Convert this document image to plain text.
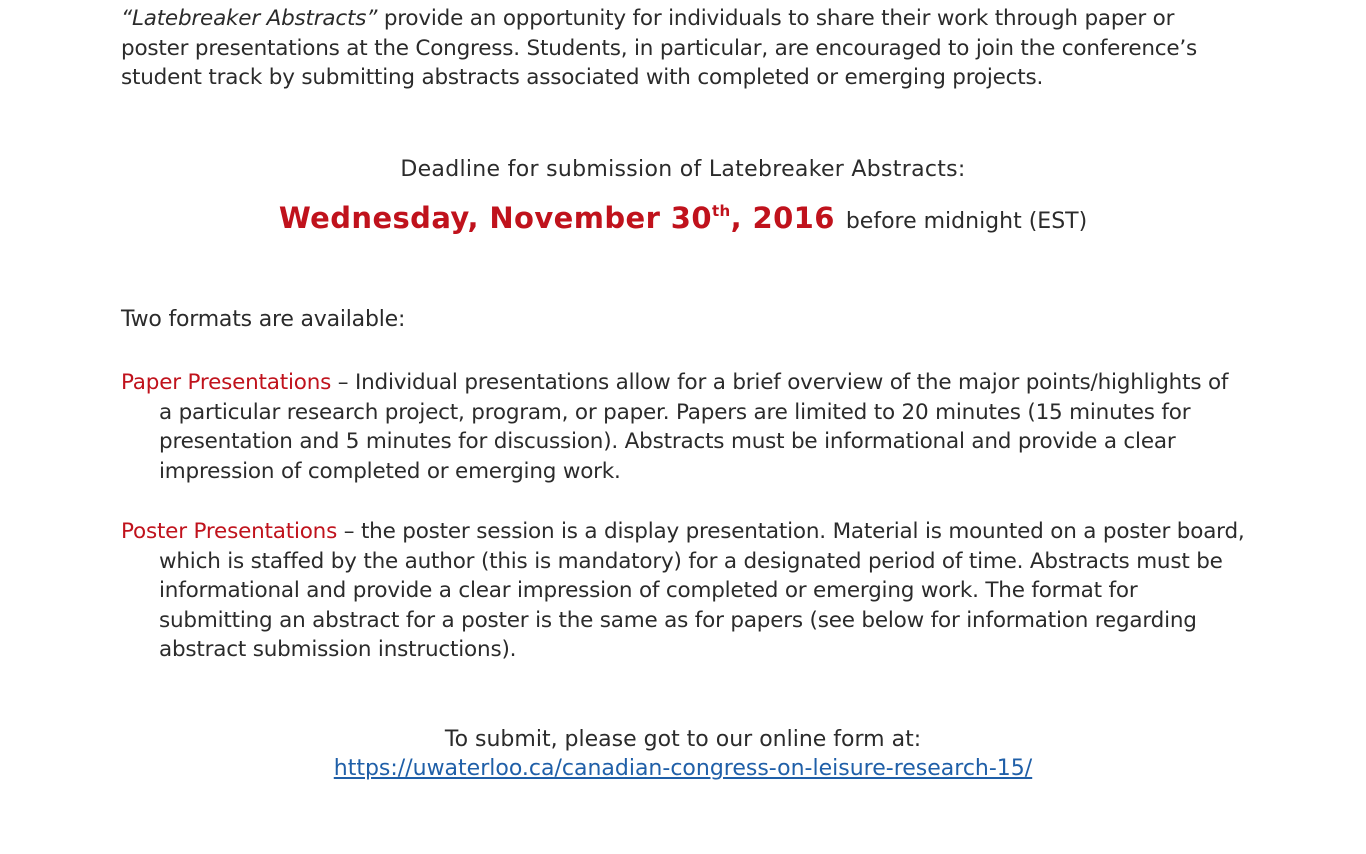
“Latebreaker Abstracts” provide an opportunity for individuals to share their work through paper or poster presentations at the Congress. Students, in particular, are encouraged to join the conference’s student track by submitting abstracts associated with completed or emerging projects.

Deadline for submission of Latebreaker Abstracts:
Wednesday, November 30th, 2016 before midnight (EST)
Two formats are available:

Paper Presentations – Individual presentations allow for a brief overview of the major points/highlights of a particular research project, program, or paper. Papers are limited to 20 minutes (15 minutes for presentation and 5 minutes for discussion). Abstracts must be informational and provide a clear impression of completed or emerging work.

Poster Presentations – the poster session is a display presentation. Material is mounted on a poster board, which is staffed by the author (this is mandatory) for a designated period of time. Abstracts must be informational and provide a clear impression of completed or emerging work. The format for submitting an abstract for a poster is the same as for papers (see below for information regarding abstract submission instructions).

To submit, please got to our online form at:
https://uwaterloo.ca/canadian-congress-on-leisure-research-15/
